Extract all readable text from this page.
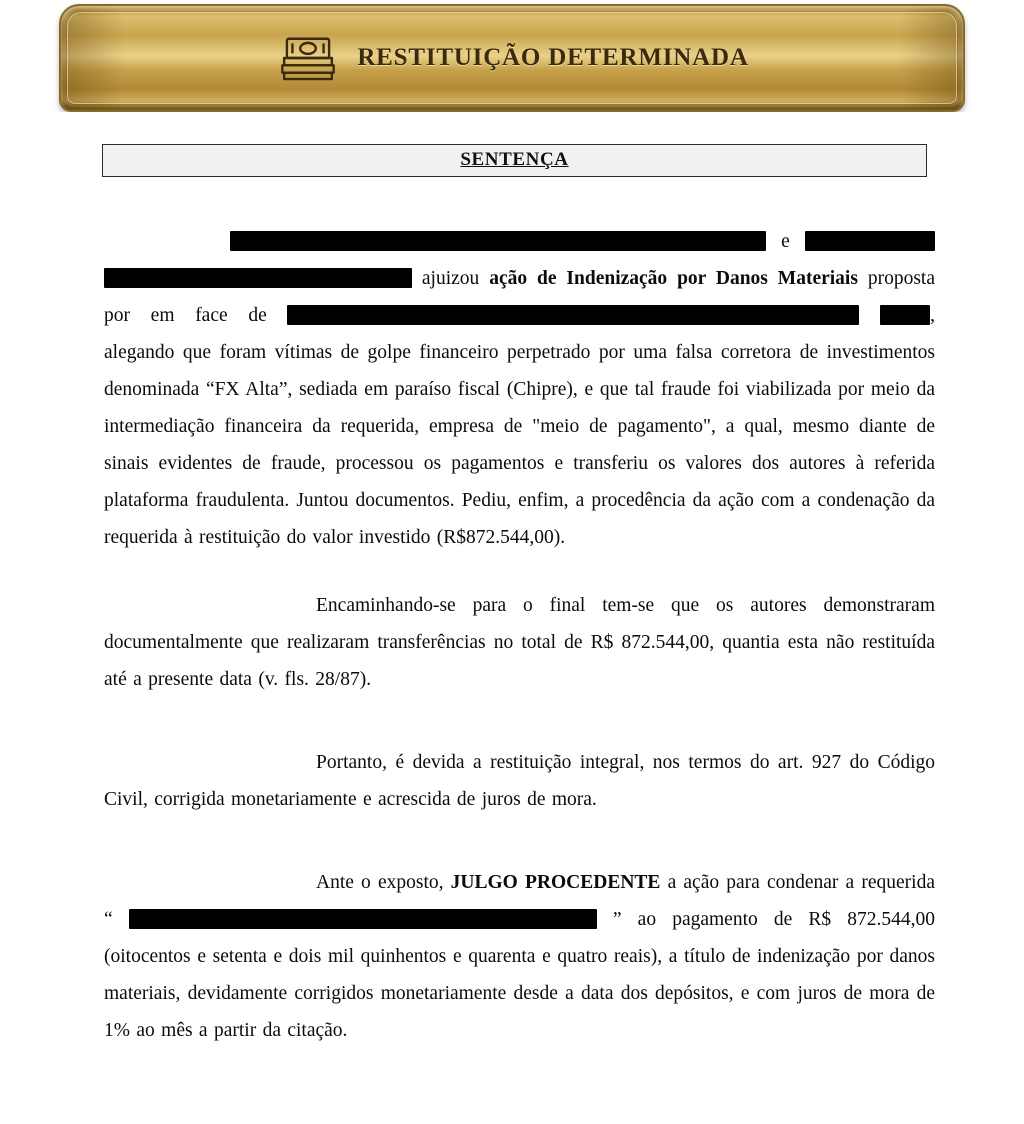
RESTITUIÇÃO DETERMINADA
SENTENÇA

e   ajuizou ação de Indenização por Danos Materiais proposta por em face de	, alegando que foram vítimas de golpe financeiro perpetrado por uma falsa corretora de investimentos denominada “FX Alta”, sediada em paraíso fiscal (Chipre), e que tal fraude foi viabilizada por meio da intermediação financeira da requerida, empresa de "meio de pagamento", a qual, mesmo diante de sinais evidentes de fraude, processou os pagamentos e transferiu os valores dos autores à referida plataforma fraudulenta. Juntou documentos. Pediu, enfim, a procedência da ação com a condenação da requerida à restituição do valor investido (R$872.544,00).

Encaminhando-se para o final tem-se que os autores demonstraram documentalmente que realizaram transferências no total de R$ 872.544,00, quantia esta não restituída até a presente data (v. fls. 28/87).

Portanto, é devida a restituição integral, nos termos do art. 927 do Código Civil, corrigida monetariamente e acrescida de juros de mora.

Ante o exposto, JULGO PROCEDENTE a ação para condenar a requerida “	” ao pagamento de R$ 872.544,00 (oitocentos e setenta e dois mil quinhentos e quarenta e quatro reais), a título de indenização por danos materiais, devidamente corrigidos monetariamente desde a data dos depósitos, e com juros de mora de 1% ao mês a partir da citação.
